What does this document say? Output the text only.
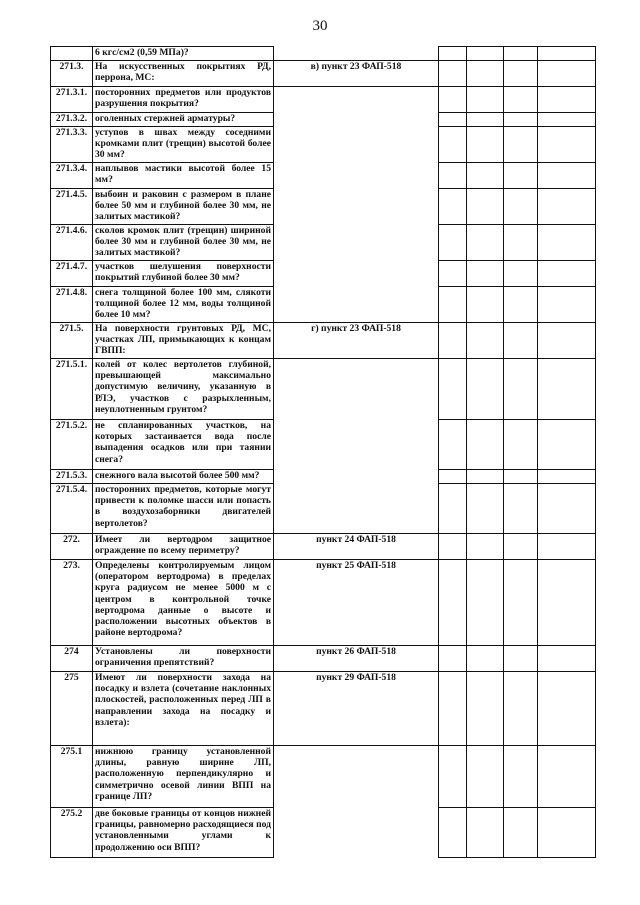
30
	6 кгс/см2 (0,59 МПа)?					
271.3.	На искусственных покрытиях РД, перрона, МС:	в) пункт 23 ФАП-518				
271.3.1.	посторонних предметов или продуктов разрушения покрытия?					
271.3.2.	оголенных стержней арматуры?					
271.3.3.	уступов в швах между соседними кромками плит (трещин) высотой более 30 мм?					
271.3.4.	наплывов мастики высотой более 15 мм?					
271.4.5.	выбоин и раковин с размером в плане более 50 мм и глубиной более 30 мм, не залитых мастикой?					
271.4.6.	сколов кромок плит (трещин) шириной более 30 мм и глубиной более 30 мм, не залитых мастикой?					
271.4.7.	участков шелушения поверхности покрытий глубиной более 30 мм?					
271.4.8.	снега толщиной более 100 мм, слякоти толщиной более 12 мм, воды толщиной более 10 мм?					
271.5.	На поверхности грунтовых РД, МС, участках ЛП, примыкающих к концам ГВПП:	г) пункт 23 ФАП-518				
271.5.1.	колей от колес вертолетов глубиной, превышающей максимально допустимую величину, указанную в РЛЭ, участков с разрыхленным, неуплотненным грунтом?					
271.5.2.	не спланированных участков, на которых застаивается вода после выпадения осадков или при таянии снега?					
271.5.3.	снежного вала высотой более 500 мм?					
271.5.4.	посторонних предметов, которые могут привести к поломке шасси или попасть в воздухозаборники двигателей вертолетов?					
272.	Имеет ли вертодром защитное ограждение по всему периметру?	пункт 24 ФАП-518				
273.	Определены контролируемым лицом (оператором вертодрома) в пределах круга радиусом не менее 5000 м с центром в контрольной точке вертодрома данные о высоте и расположении высотных объектов в районе вертодрома?	пункт 25 ФАП-518				
274	Установлены ли поверхности ограничения препятствий?	пункт 26 ФАП-518				
275	Имеют ли поверхности захода на посадку и взлета (сочетание наклонных плоскостей, расположенных перед ЛП в направлении захода на посадку и взлета):	пункт 29 ФАП-518				
275.1	нижнюю границу установленной длины, равную ширине ЛП, расположенную перпендикулярно и симметрично осевой линии ВПП на границе ЛП?					
275.2	две боковые границы от концов нижней границы, равномерно расходящиеся под установленными углами к продолжению оси ВПП?					
